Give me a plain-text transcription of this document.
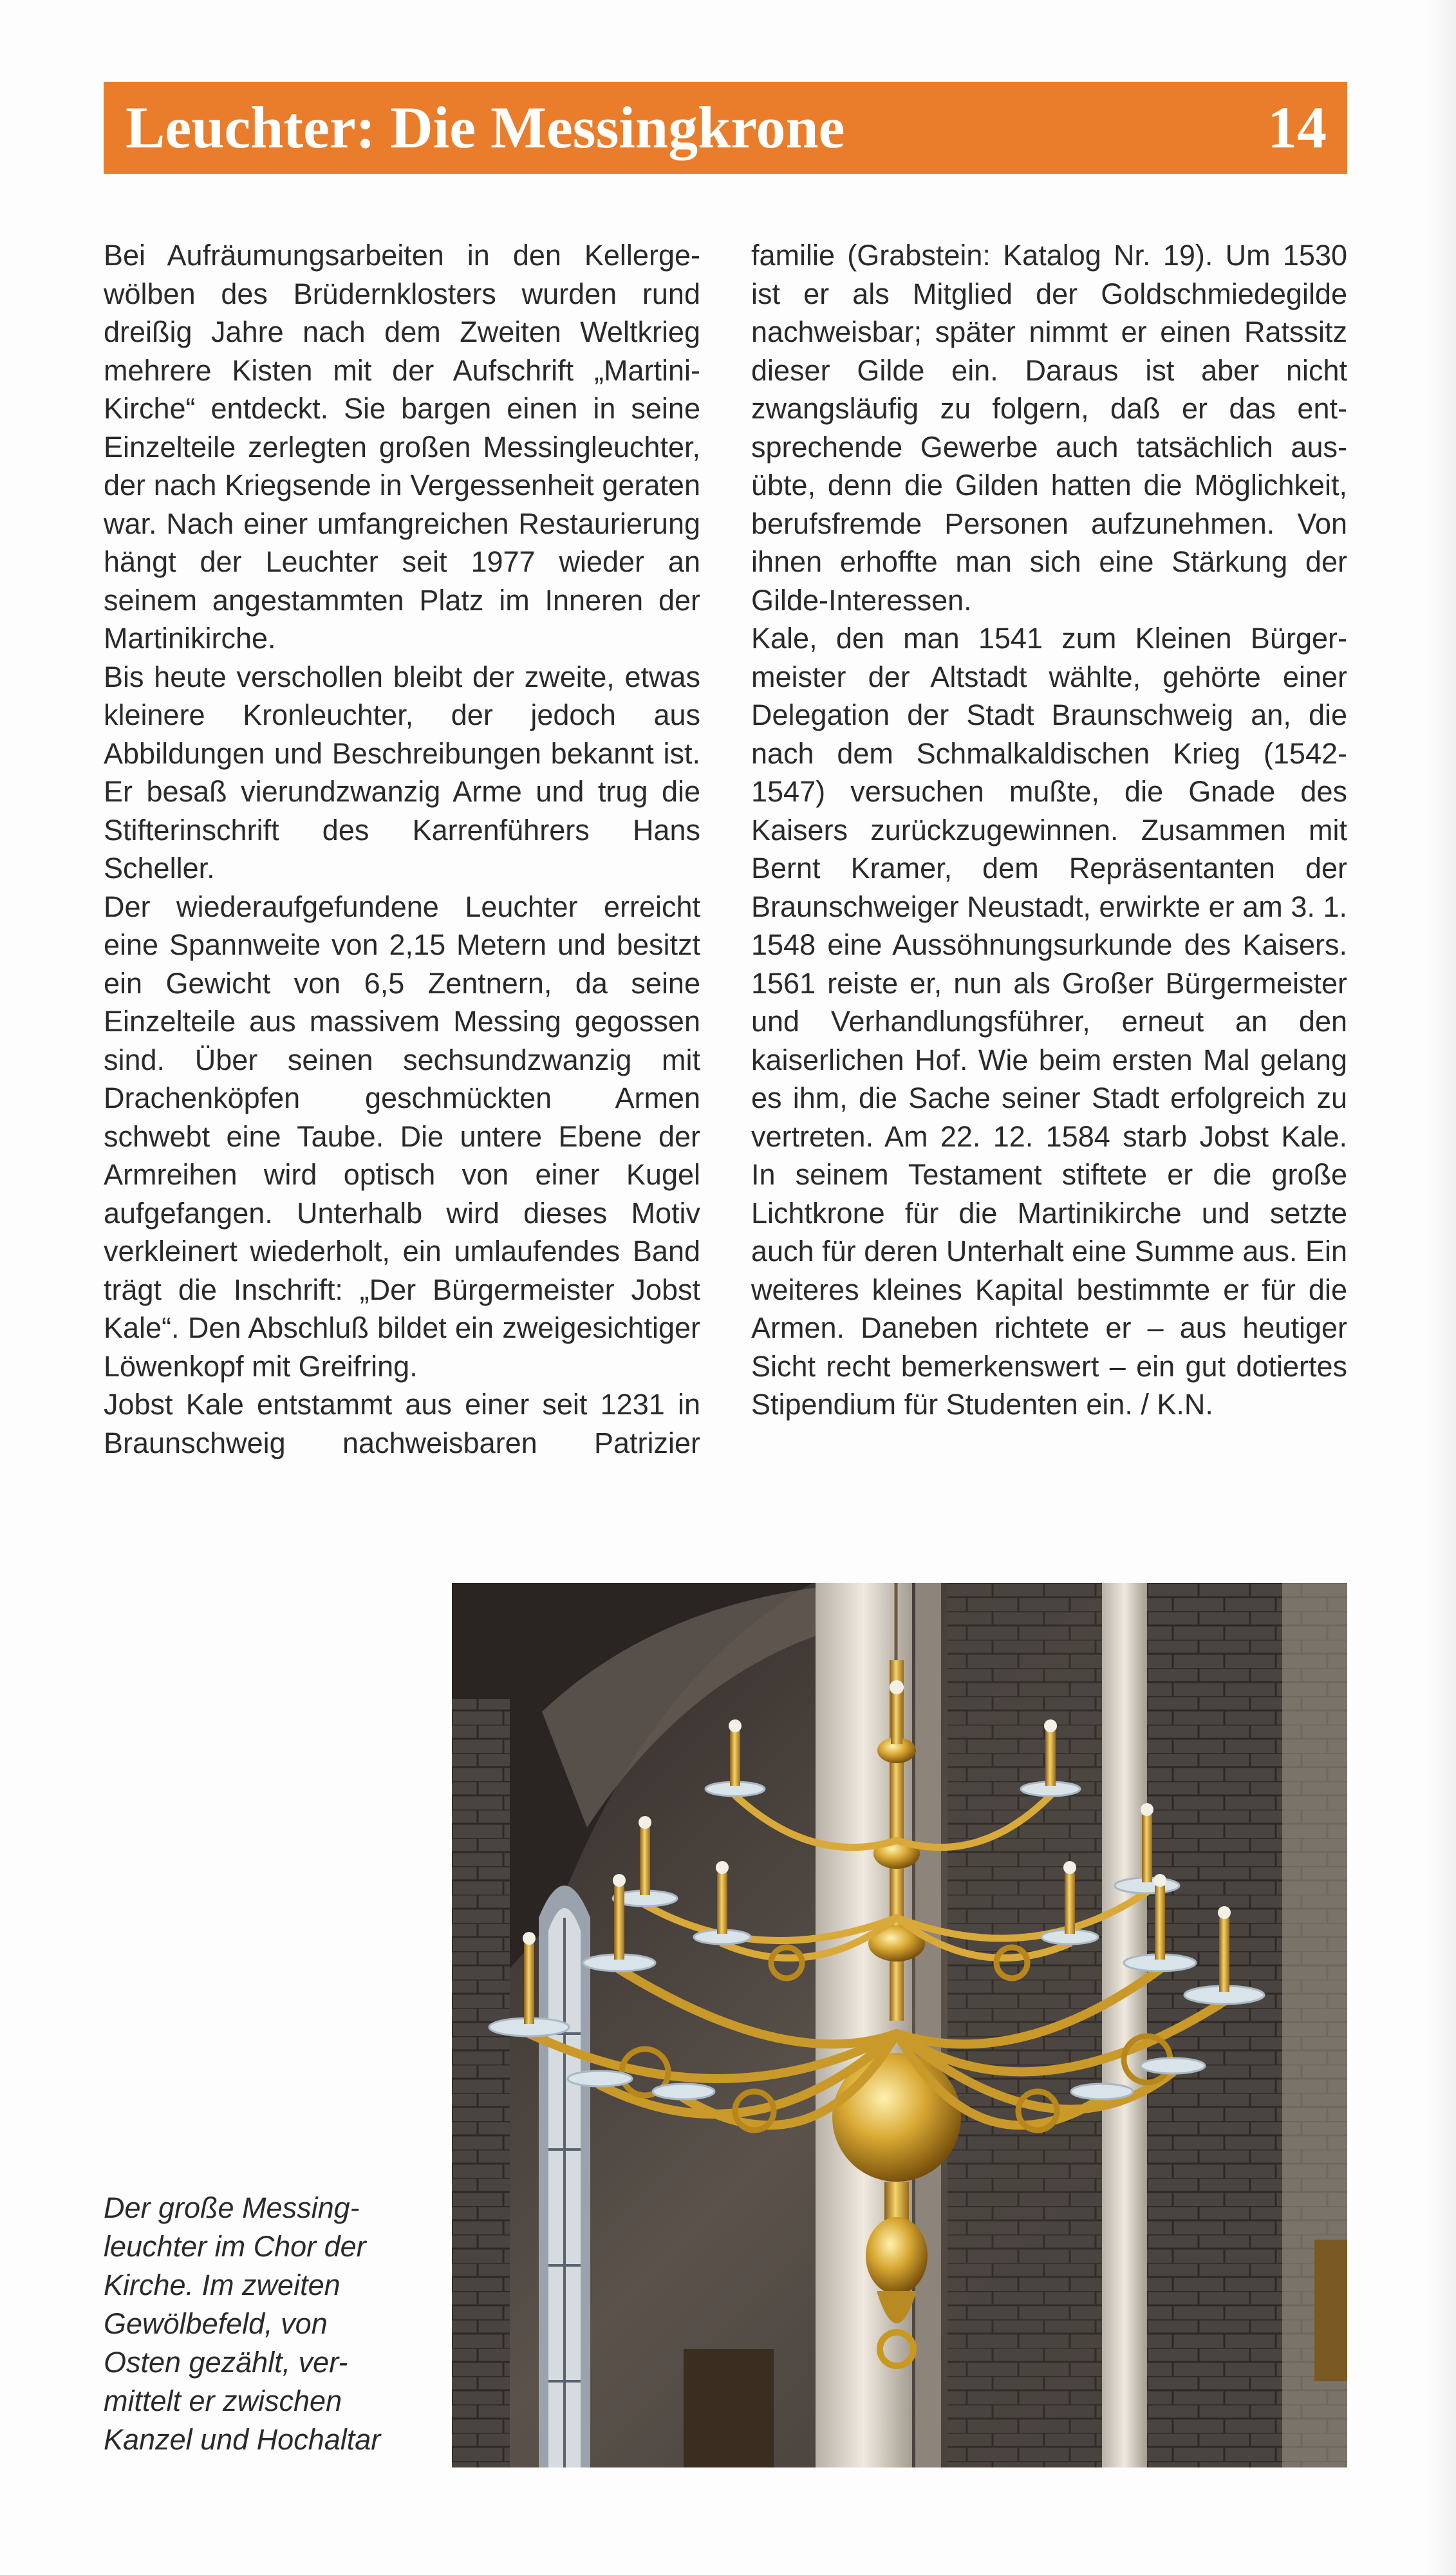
Leuchter: Die Messingkrone	14

Bei Aufräumungsarbeiten in den Kellergewölben des Brüdernklosters wurden rund dreißig Jahre nach dem Zweiten Weltkrieg mehrere Kisten mit der Aufschrift „Martini-Kirche“ entdeckt. Sie bargen einen in seine Einzelteile zerlegten großen Messingleuchter, der nach Kriegsende in Vergessenheit geraten war. Nach einer umfangreichen Restaurierung hängt der Leuchter seit 1977 wieder an seinem angestammten Platz im Inneren der Martinikirche.

Bis heute verschollen bleibt der zweite, etwas kleinere Kronleuchter, der jedoch aus Abbildungen und Beschreibungen bekannt ist. Er besaß vierundzwanzig Arme und trug die Stifterinschrift des Karrenführers Hans Scheller.

Der wiederaufgefundene Leuchter erreicht eine Spannweite von 2,15 Metern und besitzt ein Gewicht von 6,5 Zentnern, da seine Einzelteile aus massivem Messing gegossen sind. Über seinen sechsundzwanzig mit Drachenköpfen geschmückten Armen schwebt eine Taube. Die untere Ebene der Armreihen wird optisch von einer Kugel aufgefangen. Unterhalb wird dieses Motiv verkleinert wiederholt, ein umlaufendes Band trägt die Inschrift: „Der Bürgermeister Jobst Kale“. Den Abschluß bildet ein zweigesichtiger Löwenkopf mit Greifring.

Jobst Kale entstammt aus einer seit 1231 in Braunschweig nachweisbaren Patrizier

familie (Grabstein: Katalog Nr. 19). Um 1530 ist er als Mitglied der Goldschmiedegilde nachweisbar; später nimmt er einen Ratssitz dieser Gilde ein. Daraus ist aber nicht zwangsläufig zu folgern, daß er das entsprechende Gewerbe auch tatsächlich ausübte, denn die Gilden hatten die Möglichkeit, berufsfremde Personen aufzunehmen. Von ihnen erhoffte man sich eine Stärkung der Gilde-Interessen.

Kale, den man 1541 zum Kleinen Bürgermeister der Altstadt wählte, gehörte einer Delegation der Stadt Braunschweig an, die nach dem Schmalkaldischen Krieg (1542-1547) versuchen mußte, die Gnade des Kaisers zurückzugewinnen. Zusammen mit Bernt Kramer, dem Repräsentanten der Braunschweiger Neustadt, erwirkte er am 3. 1. 1548 eine Aussöhnungsurkunde des Kaisers. 1561 reiste er, nun als Großer Bürgermeister und Verhandlungsführer, erneut an den kaiserlichen Hof. Wie beim ersten Mal gelang es ihm, die Sache seiner Stadt erfolgreich zu vertreten. Am 22. 12. 1584 starb Jobst Kale. In seinem Testament stiftete er die große Lichtkrone für die Martinikirche und setzte auch für deren Unterhalt eine Summe aus. Ein weiteres kleines Kapital bestimmte er für die Armen. Daneben richtete er – aus heutiger Sicht recht bemerkenswert – ein gut dotiertes Stipendium für Studenten ein. / K.N.

Der große Messing-
leuchter im Chor der
Kirche. Im zweiten
Gewölbefeld, von
Osten gezählt, ver-
mittelt er zwischen
Kanzel und Hochaltar
